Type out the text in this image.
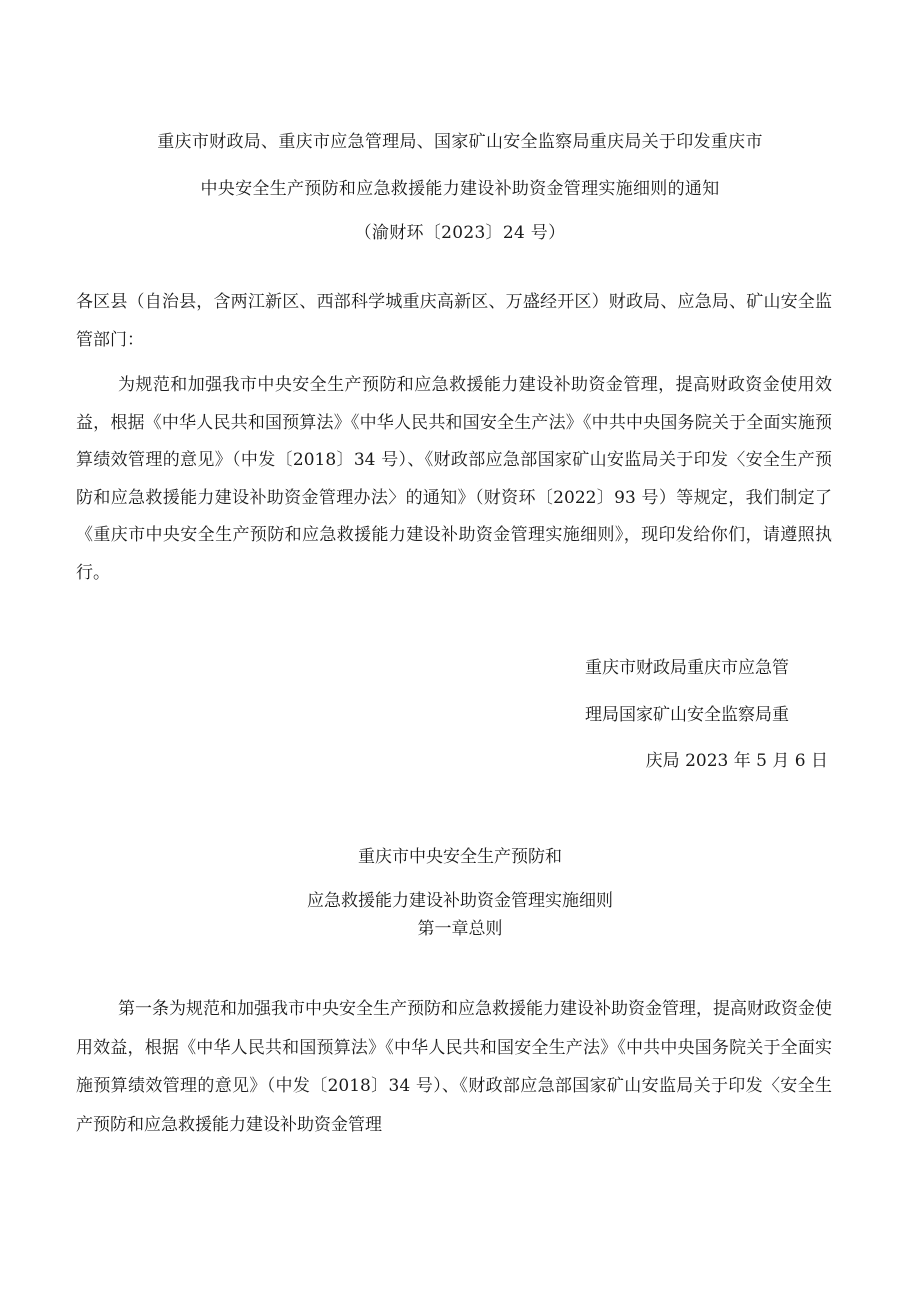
重庆市财政局、重庆市应急管理局、国家矿山安全监察局重庆局关于印发重庆市
中央安全生产预防和应急救援能力建设补助资金管理实施细则的通知
（渝财环〔2023〕24 号）
各区县（自治县，含两江新区、西部科学城重庆高新区、万盛经开区）财政局、应急局、矿山安全监管部门：
为规范和加强我市中央安全生产预防和应急救援能力建设补助资金管理，提高财政资金使用效益，根据《中华人民共和国预算法》《中华人民共和国安全生产法》《中共中央国务院关于全面实施预算绩效管理的意见》（中发〔2018〕34 号）、《财政部应急部国家矿山安监局关于印发〈安全生产预防和应急救援能力建设补助资金管理办法〉的通知》（财资环〔2022〕93 号）等规定，我们制定了《重庆市中央安全生产预防和应急救援能力建设补助资金管理实施细则》，现印发给你们，请遵照执行。
重庆市财政局重庆市应急管
理局国家矿山安全监察局重
庆局 2023 年 5 月 6 日
重庆市中央安全生产预防和
应急救援能力建设补助资金管理实施细则
第一章总则
第一条为规范和加强我市中央安全生产预防和应急救援能力建设补助资金管理，提高财政资金使用效益，根据《中华人民共和国预算法》《中华人民共和国安全生产法》《中共中央国务院关于全面实施预算绩效管理的意见》（中发〔2018〕34 号）、《财政部应急部国家矿山安监局关于印发〈安全生产预防和应急救援能力建设补助资金管理
